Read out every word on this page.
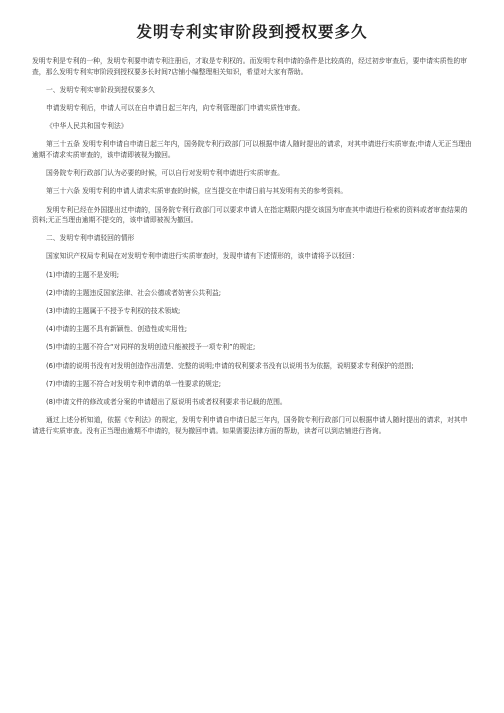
发明专利实审阶段到授权要多久

发明专利是专利的一种，发明专利要申请专利注册后，才取是专利权的。而发明专利申请的条件是比较高的，经过初步审查后，要申请实质性的审查，那么发明专利实审阶段到授权要多长时间?店铺小编整理相关知识，希望对大家有帮助。

一、发明专利实审阶段到授权要多久

申请发明专利后，申请人可以在自申请日起三年内，向专利管理部门申请实质性审查。

《中华人民共和国专利法》

第三十五条 发明专利申请自申请日起三年内，国务院专利行政部门可以根据申请人随时提出的请求，对其申请进行实质审查;申请人无正当理由逾期不请求实质审查的，该申请即被视为撤回。

国务院专利行政部门认为必要的时候，可以自行对发明专利申请进行实质审查。

第三十六条 发明专利的申请人请求实质审查的时候，应当提交在申请日前与其发明有关的参考资料。

发明专利已经在外国提出过申请的，国务院专利行政部门可以要求申请人在指定期限内提交该国为审查其申请进行检索的资料或者审查结果的资料;无正当理由逾期不提交的，该申请即被视为撤回。

二、发明专利申请驳回的情形

国家知识产权局专利局在对发明专利申请进行实质审查时，发现申请有下述情形的，该申请将予以驳回：

(1)申请的主题不是发明;

(2)申请的主题违反国家法律、社会公德或者妨害公共利益;

(3)申请的主题属于不授予专利权的技术领域;

(4)申请的主题不具有新颖性、创造性或实用性;

(5)申请的主题不符合“对同样的发明创造只能被授予一项专利”的规定;

(6)申请的说明书没有对发明创造作出清楚、完整的说明;申请的权利要求书没有以说明书为依据，说明要求专利保护的范围;

(7)申请的主题不符合对发明专利申请的单一性要求的规定;

(8)申请文件的修改或者分案的申请超出了原说明书或者权利要求书记载的范围。

通过上述分析知道，依据《专利法》的规定，发明专利申请自申请日起三年内，国务院专利行政部门可以根据申请人随时提出的请求，对其申请进行实质审查。没有正当理由逾期不申请的，视为撤回申请。如果需要法律方面的帮助，读者可以到店铺进行咨询。
